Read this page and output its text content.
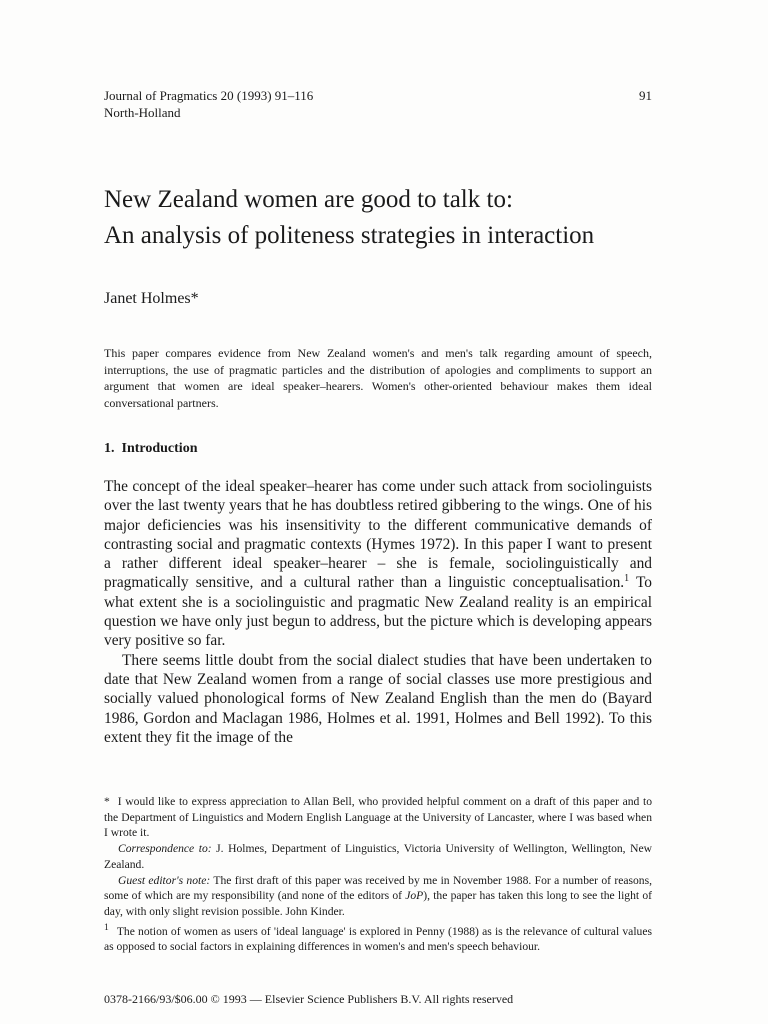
Journal of Pragmatics 20 (1993) 91–116
North-Holland
91
New Zealand women are good to talk to:
An analysis of politeness strategies in interaction
Janet Holmes*
This paper compares evidence from New Zealand women's and men's talk regarding amount of speech, interruptions, the use of pragmatic particles and the distribution of apologies and compliments to support an argument that women are ideal speaker–hearers. Women's other-oriented behaviour makes them ideal conversational partners.
1. Introduction

The concept of the ideal speaker–hearer has come under such attack from sociolinguists over the last twenty years that he has doubtless retired gibbering to the wings. One of his major deficiencies was his insensitivity to the different communicative demands of contrasting social and pragmatic contexts (Hymes 1972). In this paper I want to present a rather different ideal speaker–hearer – she is female, sociolinguistically and pragmatically sensitive, and a cultural rather than a linguistic conceptualisation.$^1$ To what extent she is a sociolinguistic and pragmatic New Zealand reality is an empirical question we have only just begun to address, but the picture which is developing appears very positive so far.

There seems little doubt from the social dialect studies that have been undertaken to date that New Zealand women from a range of social classes use more prestigious and socially valued phonological forms of New Zealand English than the men do (Bayard 1986, Gordon and Maclagan 1986, Holmes et al. 1991, Holmes and Bell 1992). To this extent they fit the image of the

* I would like to express appreciation to Allan Bell, who provided helpful comment on a draft of this paper and to the Department of Linguistics and Modern English Language at the University of Lancaster, where I was based when I wrote it.

Correspondence to: J. Holmes, Department of Linguistics, Victoria University of Wellington, Wellington, New Zealand.

Guest editor's note: The first draft of this paper was received by me in November 1988. For a number of reasons, some of which are my responsibility (and none of the editors of JoP), the paper has taken this long to see the light of day, with only slight revision possible. John Kinder.

$^1$ The notion of women as users of 'ideal language' is explored in Penny (1988) as is the relevance of cultural values as opposed to social factors in explaining differences in women's and men's speech behaviour.

0378-2166/93/$06.00 © 1993 — Elsevier Science Publishers B.V. All rights reserved
